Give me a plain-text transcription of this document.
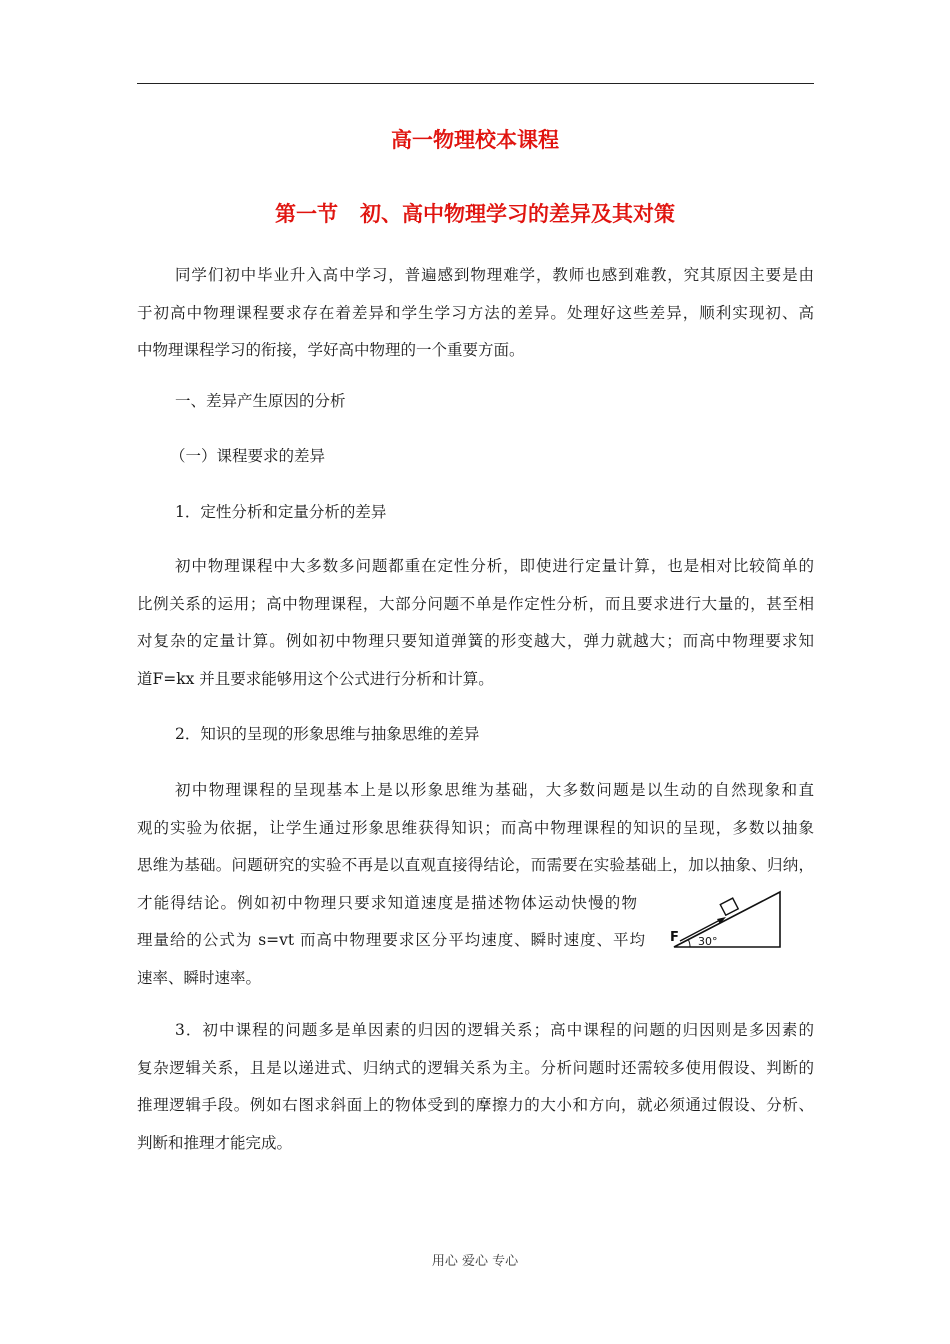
高一物理校本课程
第一节 初、高中物理学习的差异及其对策
同学们初中毕业升入高中学习，普遍感到物理难学，教师也感到难教，究其原因主要是由
于初高中物理课程要求存在着差异和学生学习方法的差异。处理好这些差异，顺利实现初、高
中物理课程学习的衔接，学好高中物理的一个重要方面。
一、差异产生原因的分析
（一）课程要求的差异
1．定性分析和定量分析的差异
初中物理课程中大多数多问题都重在定性分析，即使进行定量计算，也是相对比较简单的
比例关系的运用；高中物理课程，大部分问题不单是作定性分析，而且要求进行大量的，甚至相
对复杂的定量计算。例如初中物理只要知道弹簧的形变越大，弹力就越大；而高中物理要求知
道F=kx 并且要求能够用这个公式进行分析和计算。
2．知识的呈现的形象思维与抽象思维的差异
初中物理课程的呈现基本上是以形象思维为基础，大多数问题是以生动的自然现象和直
观的实验为依据，让学生通过形象思维获得知识；而高中物理课程的知识的呈现，多数以抽象
思维为基础。问题研究的实验不再是以直观直接得结论，而需要在实验基础上，加以抽象、归纳，
才能得结论。例如初中物理只要求知道速度是描述物体运动快慢的物
理量给的公式为 s=vt 而高中物理要求区分平均速度、瞬时速度、平均
速率、瞬时速率。
F 30°
3．初中课程的问题多是单因素的归因的逻辑关系；高中课程的问题的归因则是多因素的
复杂逻辑关系，且是以递进式、归纳式的逻辑关系为主。分析问题时还需较多使用假设、判断的
推理逻辑手段。例如右图求斜面上的物体受到的摩擦力的大小和方向，就必须通过假设、分析、
判断和推理才能完成。
用心 爱心 专心
